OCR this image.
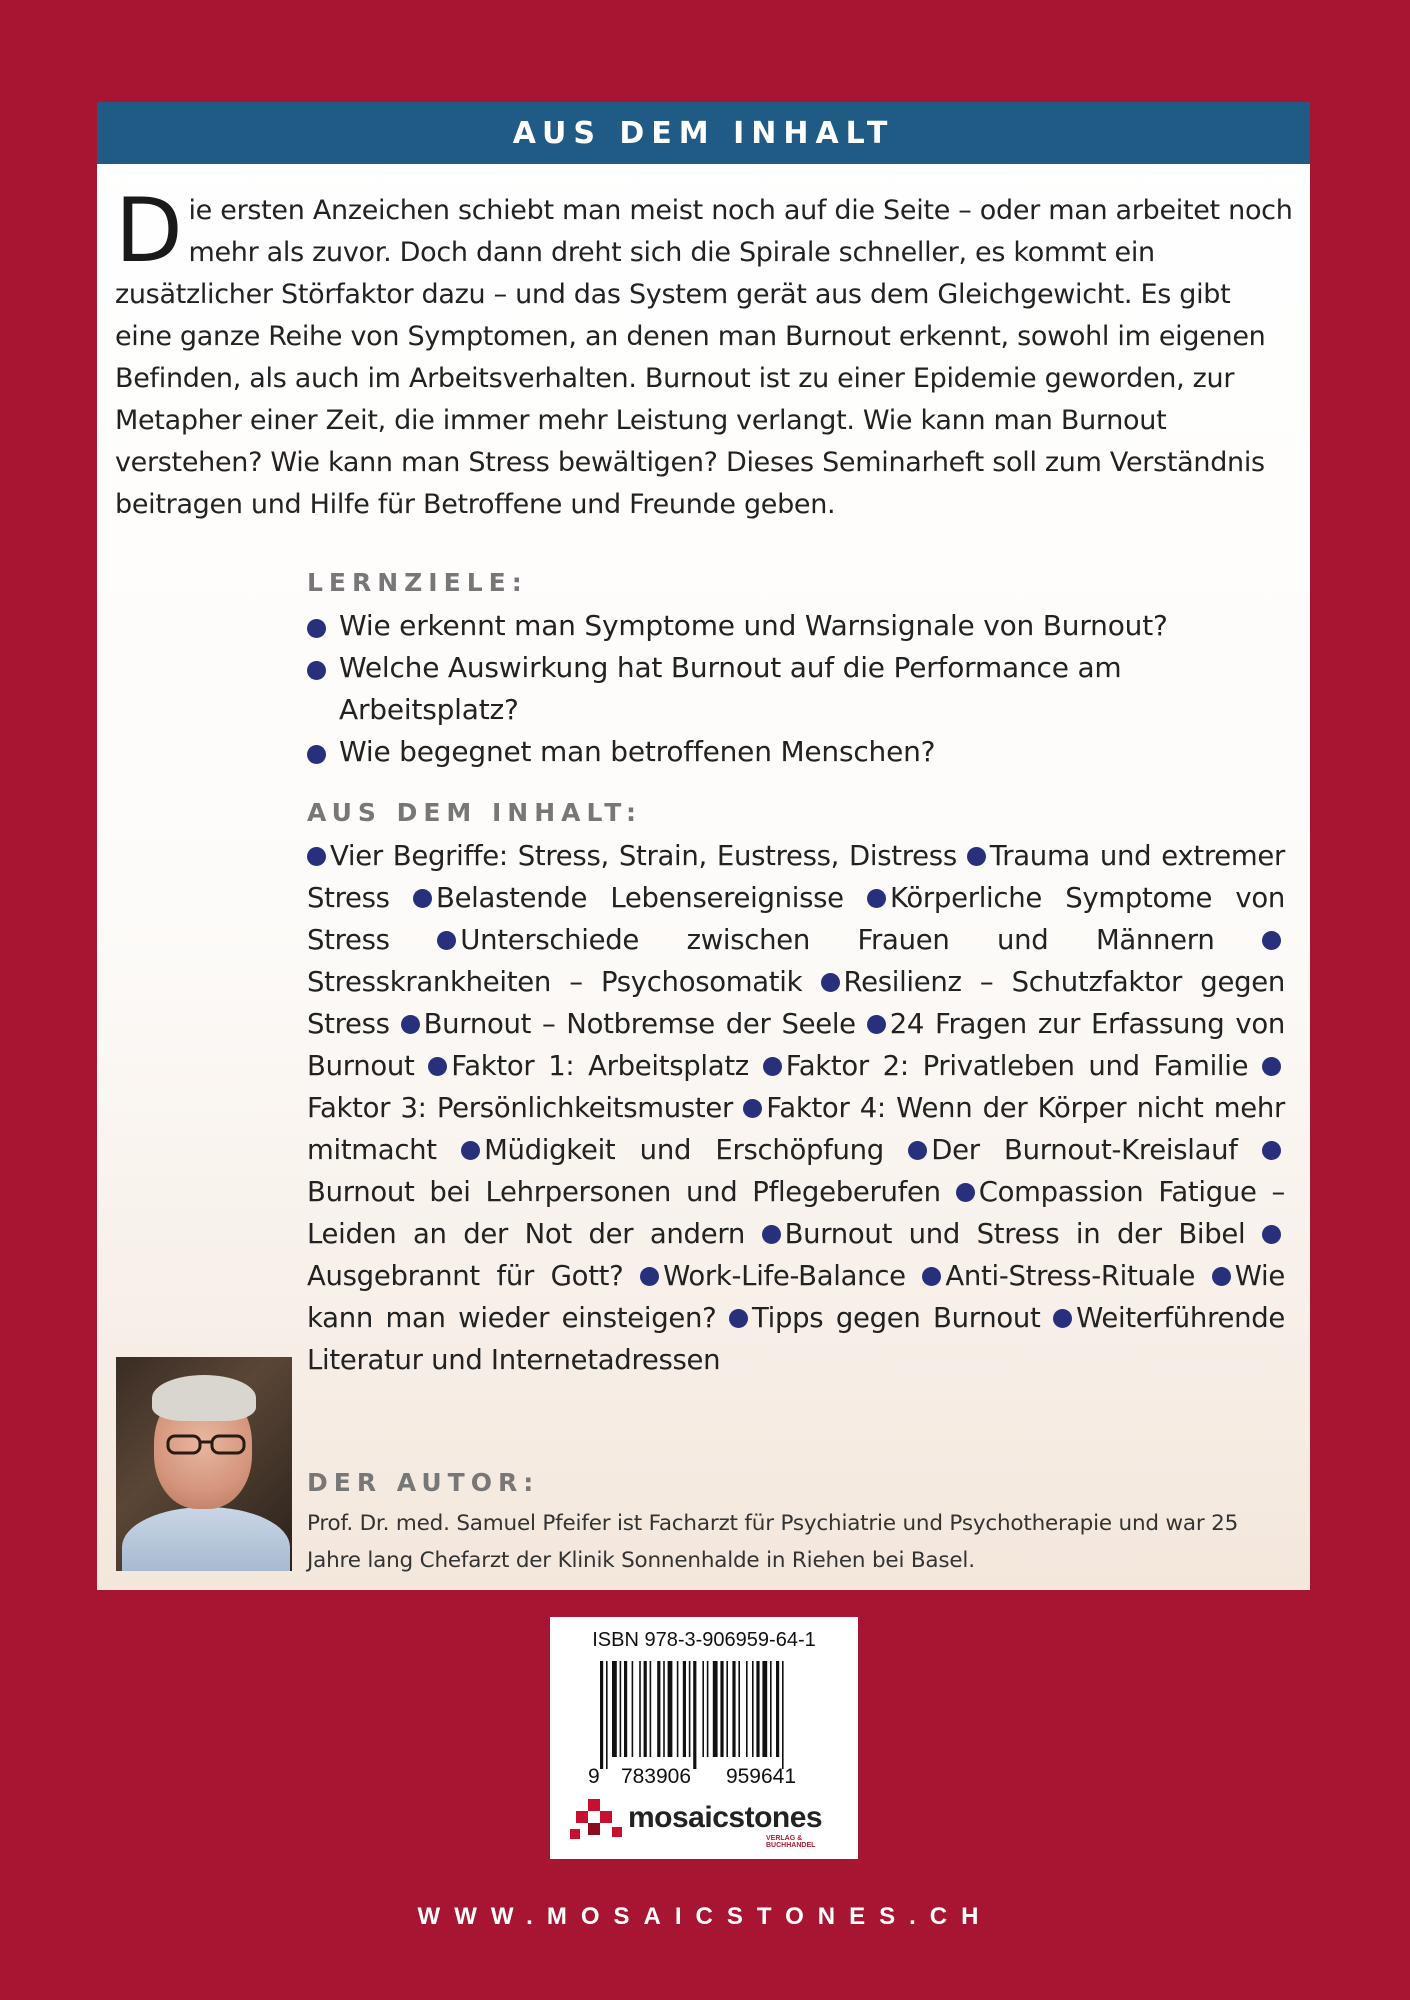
AUS DEM INHALT

Die ersten Anzeichen schiebt man meist noch auf die Seite – oder man arbeitet noch mehr als zuvor. Doch dann dreht sich die Spirale schneller, es kommt ein zusätzlicher Störfaktor dazu – und das System gerät aus dem Gleichgewicht. Es gibt eine ganze Reihe von Symptomen, an denen man Burnout erkennt, sowohl im eigenen Befinden, als auch im Arbeitsverhalten. Burnout ist zu einer Epidemie geworden, zur Metapher einer Zeit, die immer mehr Leistung verlangt. Wie kann man Burnout verstehen? Wie kann man Stress bewältigen? Dieses Seminarheft soll zum Verständnis beitragen und Hilfe für Betroffene und Freunde geben.

LERNZIELE:
Wie erkennt man Symptome und Warnsignale von Burnout?
Welche Auswirkung hat Burnout auf die Performance am Arbeitsplatz?
Wie begegnet man betroffenen Menschen?
AUS DEM INHALT:
Vier Begriffe: Stress, Strain, Eustress, Distress Trauma und extremer Stress Belastende Lebensereignisse Körperliche Symptome von Stress	Unterschiede zwischen Frauen und Männern Stresskrankheiten – Psychosomatik Resilienz – Schutzfaktor gegen Stress Burnout – Notbremse der Seele 24 Fragen zur Erfassung von Burnout Faktor 1: Arbeitsplatz Faktor 2: Privatleben und Familie Faktor 3: Persönlichkeitsmuster Faktor 4: Wenn der Körper nicht mehr mitmacht Müdigkeit und Erschöpfung Der Burnout-Kreislauf Burnout bei Lehrpersonen und Pflegeberufen Compassion Fatigue – Leiden an der Not der andern Burnout und Stress in der Bibel Ausgebrannt für Gott? Work-Life-Balance Anti-Stress-Rituale Wie kann man wieder einsteigen? Tipps gegen Burnout Weiterführende Literatur und Internetadressen
DER AUTOR:
Prof. Dr. med. Samuel Pfeifer ist Facharzt für Psychiatrie und Psychotherapie und war 25 Jahre lang Chefarzt der Klinik Sonnenhalde in Riehen bei Basel.
ISBN 978-3-906959-64-1
9 783906 959641
mosaicstones
VERLAG & BUCHHANDEL
WWW.MOSAICSTONES.CH
